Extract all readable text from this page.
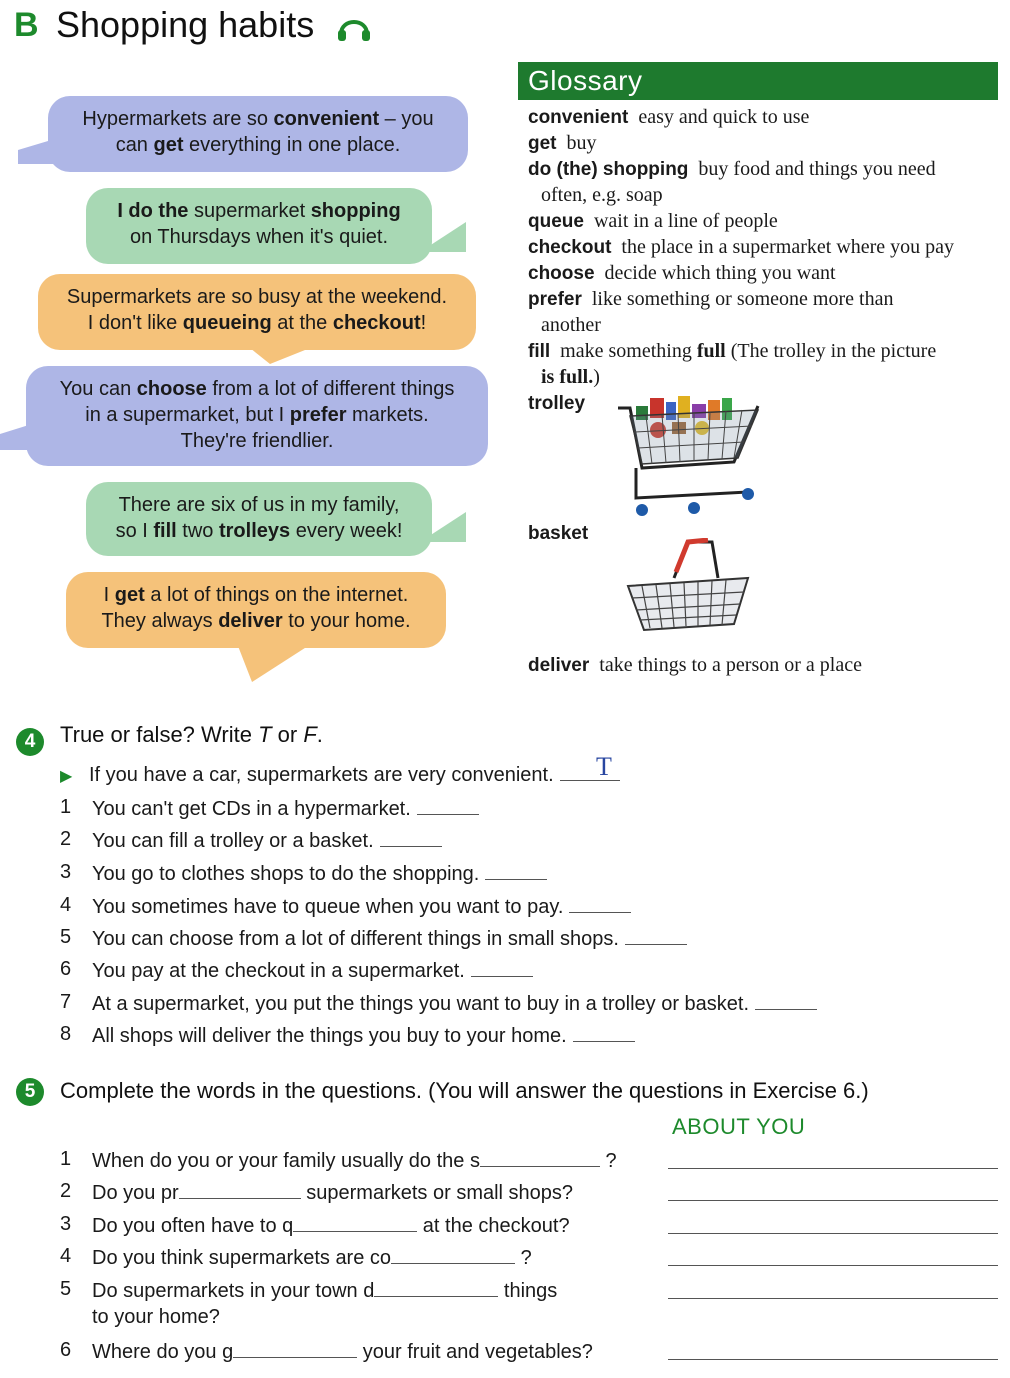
B Shopping habits
Hypermarkets are so convenient – you
can get everything in one place.
I do the supermarket shopping
on Thursdays when it's quiet.
Supermarkets are so busy at the weekend.
I don't like queueing at the checkout!
You can choose from a lot of different things
in a supermarket, but I prefer markets.
They're friendlier.
There are six of us in my family,
so I fill two trolleys every week!
I get a lot of things on the internet.
They always deliver to your home.
Glossary
convenient easy and quick to use
get buy
do (the) shopping buy food and things you need
often, e.g. soap
queue wait in a line of people
checkout the place in a supermarket where you pay
choose decide which thing you want
prefer like something or someone more than
another
fill make something full (The trolley in the picture
is full.)
trolley
basket
deliver take things to a person or a place
4	True or false? Write T or F.
▶ If you have a car, supermarkets are very convenient.	T
1 You can't get CDs in a hypermarket.
2 You can fill a trolley or a basket.
3 You go to clothes shops to do the shopping.
4 You sometimes have to queue when you want to pay.
5 You can choose from a lot of different things in small shops.
6 You pay at the checkout in a supermarket.
7 At a supermarket, you put the things you want to buy in a trolley or basket.
8 All shops will deliver the things you buy to your home.
5	Complete the words in the questions. (You will answer the questions in Exercise 6.)
ABOUT YOU
1 When do you or your family usually do the s	?
2 Do you pr	supermarkets or small shops?
3 Do you often have to q	at the checkout?
4 Do you think supermarkets are co	?
5 Do supermarkets in your town d	things
to your home?
6 Where do you g	your fruit and vegetables?
